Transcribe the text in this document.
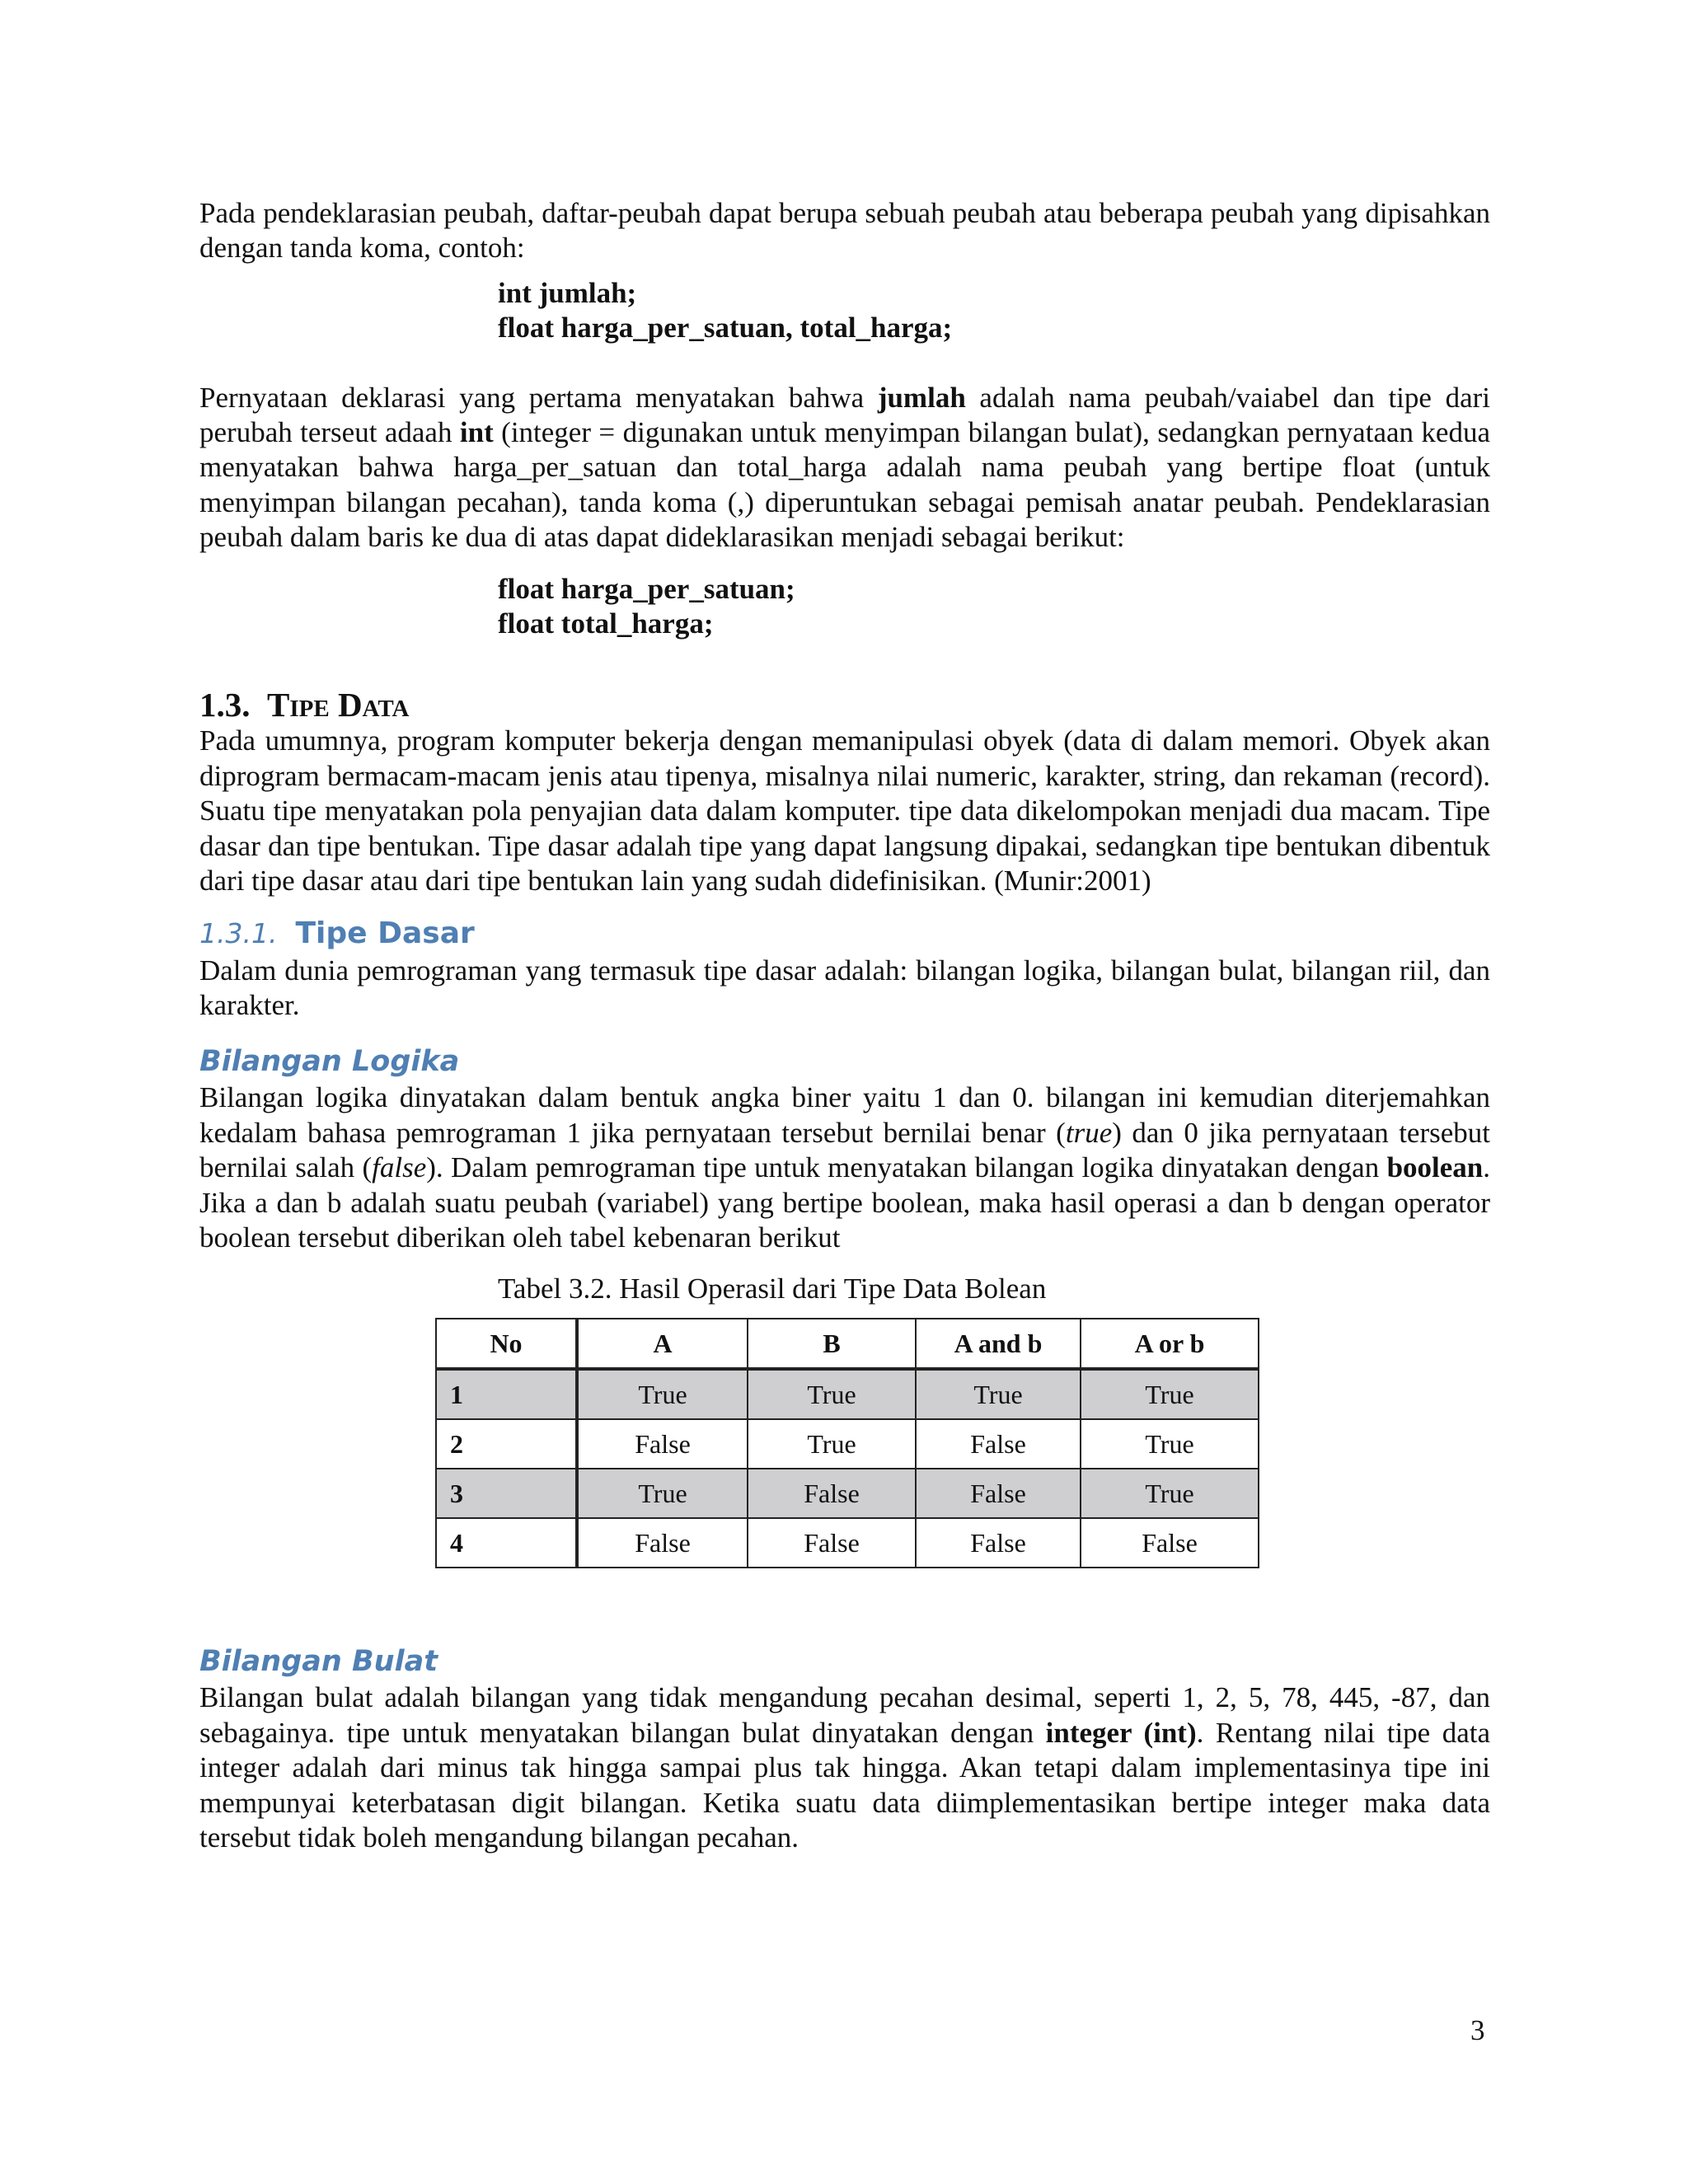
Pada pendeklarasian peubah, daftar-peubah dapat berupa sebuah peubah atau beberapa peubah yang dipisahkan dengan tanda koma, contoh:

int jumlah;
float harga_per_satuan, total_harga;

Pernyataan deklarasi yang pertama menyatakan bahwa jumlah adalah nama peubah/vaiabel dan tipe dari perubah terseut adaah int (integer = digunakan untuk menyimpan bilangan bulat), sedangkan pernyataan kedua menyatakan bahwa harga_per_satuan dan total_harga adalah nama peubah yang bertipe float (untuk menyimpan bilangan pecahan), tanda koma (,) diperuntukan sebagai pemisah anatar peubah. Pendeklarasian peubah dalam baris ke dua di atas dapat dideklarasikan menjadi sebagai berikut:

float harga_per_satuan;
float total_harga;
1.3. Tipe Data

Pada umumnya, program komputer bekerja dengan memanipulasi obyek (data di dalam memori. Obyek akan diprogram bermacam-macam jenis atau tipenya, misalnya nilai numeric, karakter, string, dan rekaman (record). Suatu tipe menyatakan pola penyajian data dalam komputer. tipe data dikelompokan menjadi dua macam. Tipe dasar dan tipe bentukan. Tipe dasar adalah tipe yang dapat langsung dipakai, sedangkan tipe bentukan dibentuk dari tipe dasar atau dari tipe bentukan lain yang sudah didefinisikan. (Munir:2001)

1.3.1. Tipe Dasar

Dalam dunia pemrograman yang termasuk tipe dasar adalah: bilangan logika, bilangan bulat, bilangan riil, dan karakter.

Bilangan Logika

Bilangan logika dinyatakan dalam bentuk angka biner yaitu 1 dan 0. bilangan ini kemudian diterjemahkan kedalam bahasa pemrograman 1 jika pernyataan tersebut bernilai benar (true) dan 0 jika pernyataan tersebut bernilai salah (false). Dalam pemrograman tipe untuk menyatakan bilangan logika dinyatakan dengan boolean. Jika a dan b adalah suatu peubah (variabel) yang bertipe boolean, maka hasil operasi a dan b dengan operator boolean tersebut diberikan oleh tabel kebenaran berikut

Tabel 3.2. Hasil Operasil dari Tipe Data Bolean
No	A	B	A and b	A or b
1	True	True	True	True
2	False	True	False	True
3	True	False	False	True
4	False	False	False	False
Bilangan Bulat

Bilangan bulat adalah bilangan yang tidak mengandung pecahan desimal, seperti 1, 2, 5, 78, 445, -87, dan sebagainya. tipe untuk menyatakan bilangan bulat dinyatakan dengan integer (int). Rentang nilai tipe data integer adalah dari minus tak hingga sampai plus tak hingga. Akan tetapi dalam implementasinya tipe ini mempunyai keterbatasan digit bilangan. Ketika suatu data diimplementasikan bertipe integer maka data tersebut tidak boleh mengandung bilangan pecahan.

3
